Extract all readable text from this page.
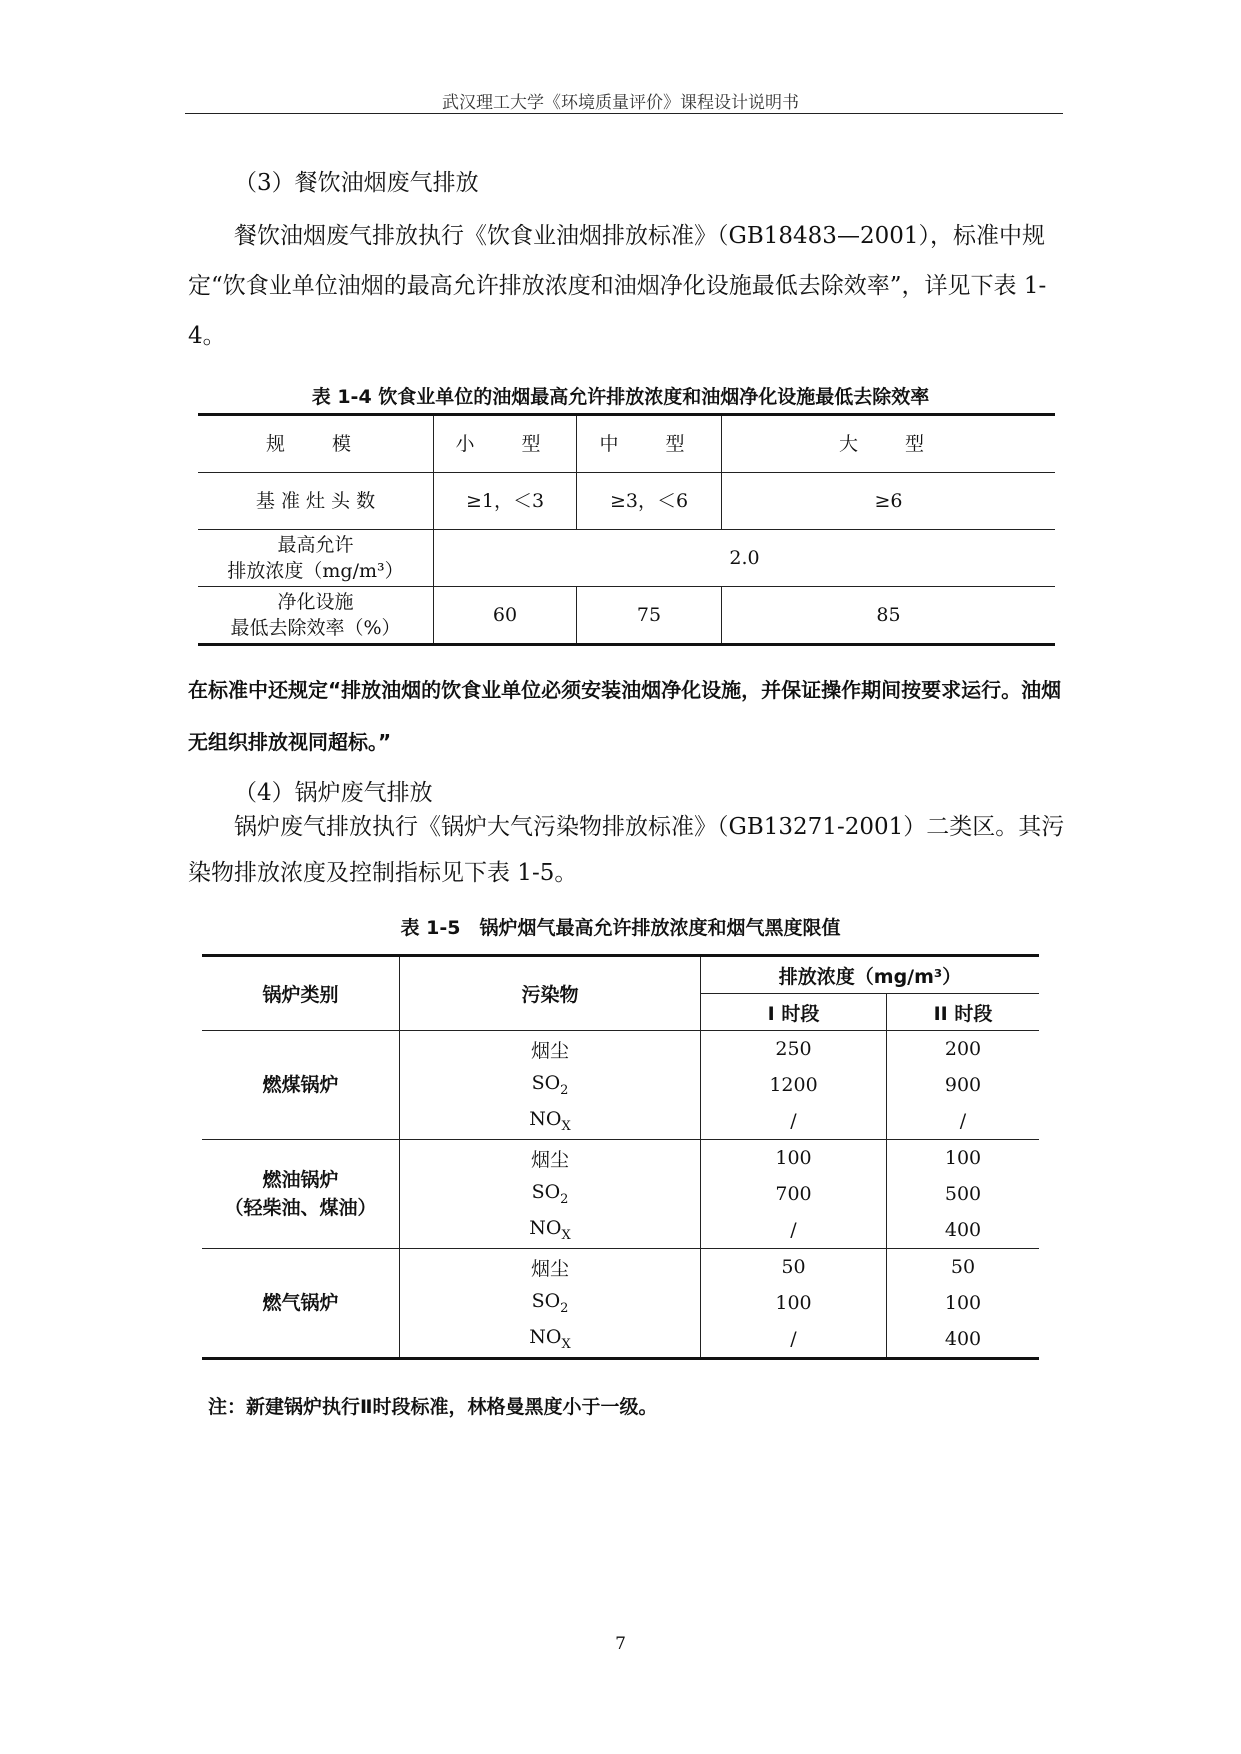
武汉理工大学《环境质量评价》课程设计说明书
（3）餐饮油烟废气排放
餐饮油烟废气排放执行《饮食业油烟排放标准》（GB18483—2001），标准中规定“饮食业单位油烟的最高允许排放浓度和油烟净化设施最低去除效率”，详见下表 1-4。
表 1-4 饮食业单位的油烟最高允许排放浓度和油烟净化设施最低去除效率
规　模	小　型	中　型	大　型
基 准 灶 头 数	≥1，＜3	≥3，＜6	≥6

最高允许
排放浓度（mg/m³）	2.0		

净化设施
最低去除效率（%）	60	75	85
在标准中还规定“排放油烟的饮食业单位必须安装油烟净化设施，并保证操作期间按要求运行。油烟无组织排放视同超标。”
（4）锅炉废气排放
锅炉废气排放执行《锅炉大气污染物排放标准》（GB13271-2001）二类区。其污染物排放浓度及控制指标见下表 1-5。
表 1-5　锅炉烟气最高允许排放浓度和烟气黑度限值
锅炉类别	污染物	排放浓度（mg/m³）	
		I 时段	II 时段
燃煤锅炉	烟尘	250	200
	$SO_2$	1200	900
	$NO_X$	/	/

燃油锅炉
（轻柴油、煤油）	烟尘	100	100
	$SO_2$	700	500
	$NO_X$	/	400
燃气锅炉	烟尘	50	50
	$SO_2$	100	100
	$NO_X$	/	400
注：新建锅炉执行Ⅱ时段标准，林格曼黑度小于一级。
7
